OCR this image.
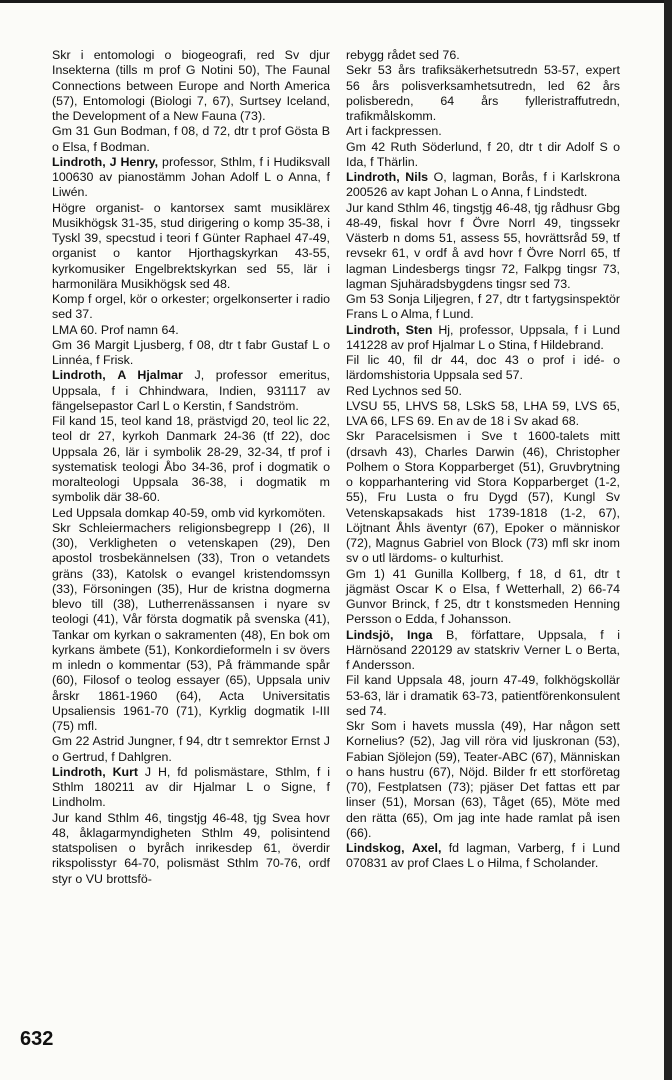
Skr i entomologi o biogeografi, red Sv djur Insekterna (tills m prof G Notini 50), The Faunal Connections between Europe and North America (57), Entomologi (Biologi 7, 67), Surtsey Iceland, the Development of a New Fauna (73).

Gm 31 Gun Bodman, f 08, d 72, dtr t prof Gösta B o Elsa, f Bodman.

Lindroth, J Henry, professor, Sthlm, f i Hudiksvall 100630 av pianostämm Johan Adolf L o Anna, f Liwén.

Högre organist- o kantorsex samt musiklärex Musikhögsk 31-35, stud dirigering o komp 35-38, i Tyskl 39, specstud i teori f Günter Raphael 47-49, organist o kantor Hjorthagskyrkan 43-55, kyrkomusiker Engelbrektskyrkan sed 55, lär i harmonilära Musikhögsk sed 48.

Komp f orgel, kör o orkester; orgelkonserter i radio sed 37.

LMA 60. Prof namn 64.

Gm 36 Margit Ljusberg, f 08, dtr t fabr Gustaf L o Linnéa, f Frisk.

Lindroth, A Hjalmar J, professor emeritus, Uppsala, f i Chhindwara, Indien, 931117 av fängelsepastor Carl L o Kerstin, f Sandström.

Fil kand 15, teol kand 18, prästvigd 20, teol lic 22, teol dr 27, kyrkoh Danmark 24-36 (tf 22), doc Uppsala 26, lär i symbolik 28-29, 32-34, tf prof i systematisk teologi Åbo 34-36, prof i dogmatik o moralteologi Uppsala 36-38, i dogmatik m symbolik där 38-60.

Led Uppsala domkap 40-59, omb vid kyrkomöten.

Skr Schleiermachers religionsbegrepp I (26), II (30), Verkligheten o vetenskapen (29), Den apostol trosbekännelsen (33), Tron o vetandets gräns (33), Katolsk o evangel kristendomssyn (33), Försoningen (35), Hur de kristna dogmerna blevo till (38), Lutherrenässansen i nyare sv teologi (41), Vår första dogmatik på svenska (41), Tankar om kyrkan o sakramenten (48), En bok om kyrkans ämbete (51), Konkordieformeln i sv övers m inledn o kommentar (53), På främmande spår (60), Filosof o teolog essayer (65), Uppsala univ årskr 1861-1960 (64), Acta Universitatis Upsaliensis 1961-70 (71), Kyrklig dogmatik I-III (75) mfl.

Gm 22 Astrid Jungner, f 94, dtr t semrektor Ernst J o Gertrud, f Dahlgren.

Lindroth, Kurt J H, fd polismästare, Sthlm, f i Sthlm 180211 av dir Hjalmar L o Signe, f Lindholm.

Jur kand Sthlm 46, tingstjg 46-48, tjg Svea hovr 48, åklagarmyndigheten Sthlm 49, polisintend statspolisen o byråch inrikesdep 61, överdir rikspolisstyr 64-70, polismäst Sthlm 70-76, ordf styr o VU brottsfö-

rebygg rådet sed 76.

Sekr 53 års trafiksäkerhetsutredn 53-57, expert 56 års polisverksamhetsutredn, led 62 års polisberedn, 64 års fylleristraffutredn, trafikmålskomm.

Art i fackpressen.

Gm 42 Ruth Söderlund, f 20, dtr t dir Adolf S o Ida, f Thärlin.

Lindroth, Nils O, lagman, Borås, f i Karlskrona 200526 av kapt Johan L o Anna, f Lindstedt.

Jur kand Sthlm 46, tingstjg 46-48, tjg rådhusr Gbg 48-49, fiskal hovr f Övre Norrl 49, tingssekr Västerb n doms 51, assess 55, hovrättsråd 59, tf revsekr 61, v ordf å avd hovr f Övre Norrl 65, tf lagman Lindesbergs tingsr 72, Falkpg tingsr 73, lagman Sjuhäradsbygdens tingsr sed 73.

Gm 53 Sonja Liljegren, f 27, dtr t fartygsinspektör Frans L o Alma, f Lund.

Lindroth, Sten Hj, professor, Uppsala, f i Lund 141228 av prof Hjalmar L o Stina, f Hildebrand.

Fil lic 40, fil dr 44, doc 43 o prof i idé- o lärdomshistoria Uppsala sed 57.

Red Lychnos sed 50.

LVSU 55, LHVS 58, LSkS 58, LHA 59, LVS 65, LVA 66, LFS 69. En av de 18 i Sv akad 68.

Skr Paracelsismen i Sve t 1600-talets mitt (drsavh 43), Charles Darwin (46), Christopher Polhem o Stora Kopparberget (51), Gruvbrytning o kopparhantering vid Stora Kopparberget (1-2, 55), Fru Lusta o fru Dygd (57), Kungl Sv Vetenskapsakads hist 1739-1818 (1-2, 67), Löjtnant Åhls äventyr (67), Epoker o människor (72), Magnus Gabriel von Block (73) mfl skr inom sv o utl lärdoms- o kulturhist.

Gm 1) 41 Gunilla Kollberg, f 18, d 61, dtr t jägmäst Oscar K o Elsa, f Wetterhall, 2) 66-74 Gunvor Brinck, f 25, dtr t konstsmeden Henning Persson o Edda, f Johansson.

Lindsjö, Inga B, författare, Uppsala, f i Härnösand 220129 av statskriv Verner L o Berta, f Andersson.

Fil kand Uppsala 48, journ 47-49, folkhögskollär 53-63, lär i dramatik 63-73, patientförenkonsulent sed 74.

Skr Som i havets mussla (49), Har någon sett Kornelius? (52), Jag vill röra vid ljuskronan (53), Fabian Sjölejon (59), Teater-ABC (67), Människan o hans hustru (67), Nöjd. Bilder fr ett storföretag (70), Festplatsen (73); pjäser Det fattas ett par linser (51), Morsan (63), Tåget (65), Möte med den rätta (65), Om jag inte hade ramlat på isen (66).

Lindskog, Axel, fd lagman, Varberg, f i Lund 070831 av prof Claes L o Hilma, f Scholander.

632
